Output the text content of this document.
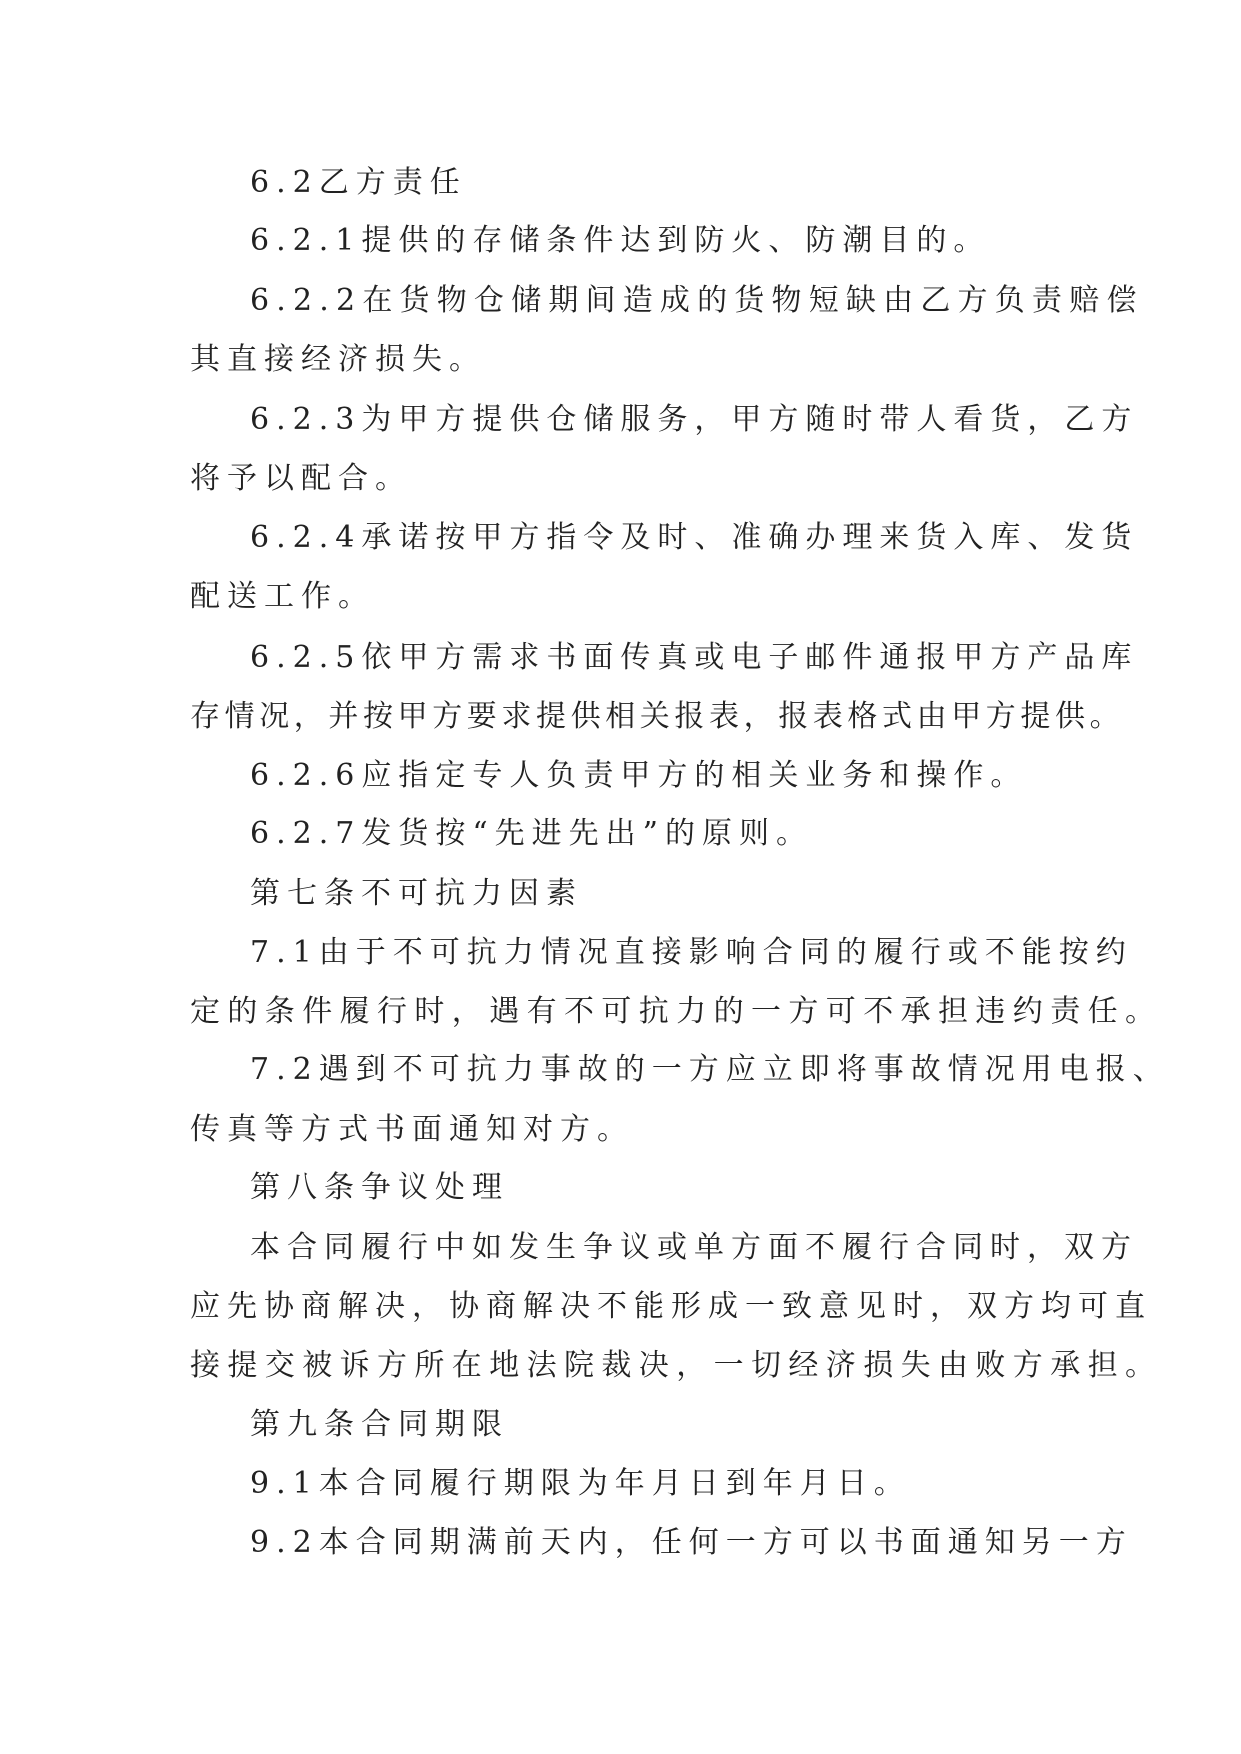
6.2乙方责任
6.2.1提供的存储条件达到防火、防潮目的。
6.2.2在货物仓储期间造成的货物短缺由乙方负责赔偿
其直接经济损失。
6.2.3为甲方提供仓储服务，甲方随时带人看货，乙方
将予以配合。
6.2.4承诺按甲方指令及时、准确办理来货入库、发货
配送工作。
6.2.5依甲方需求书面传真或电子邮件通报甲方产品库
存情况，并按甲方要求提供相关报表，报表格式由甲方提供。
6.2.6应指定专人负责甲方的相关业务和操作。
6.2.7发货按“先进先出”的原则。
第七条不可抗力因素
7.1由于不可抗力情况直接影响合同的履行或不能按约
定的条件履行时，遇有不可抗力的一方可不承担违约责任。
7.2遇到不可抗力事故的一方应立即将事故情况用电报、
传真等方式书面通知对方。
第八条争议处理
本合同履行中如发生争议或单方面不履行合同时，双方
应先协商解决，协商解决不能形成一致意见时，双方均可直
接提交被诉方所在地法院裁决，一切经济损失由败方承担。
第九条合同期限
9.1本合同履行期限为年月日到年月日。
9.2本合同期满前天内，任何一方可以书面通知另一方
